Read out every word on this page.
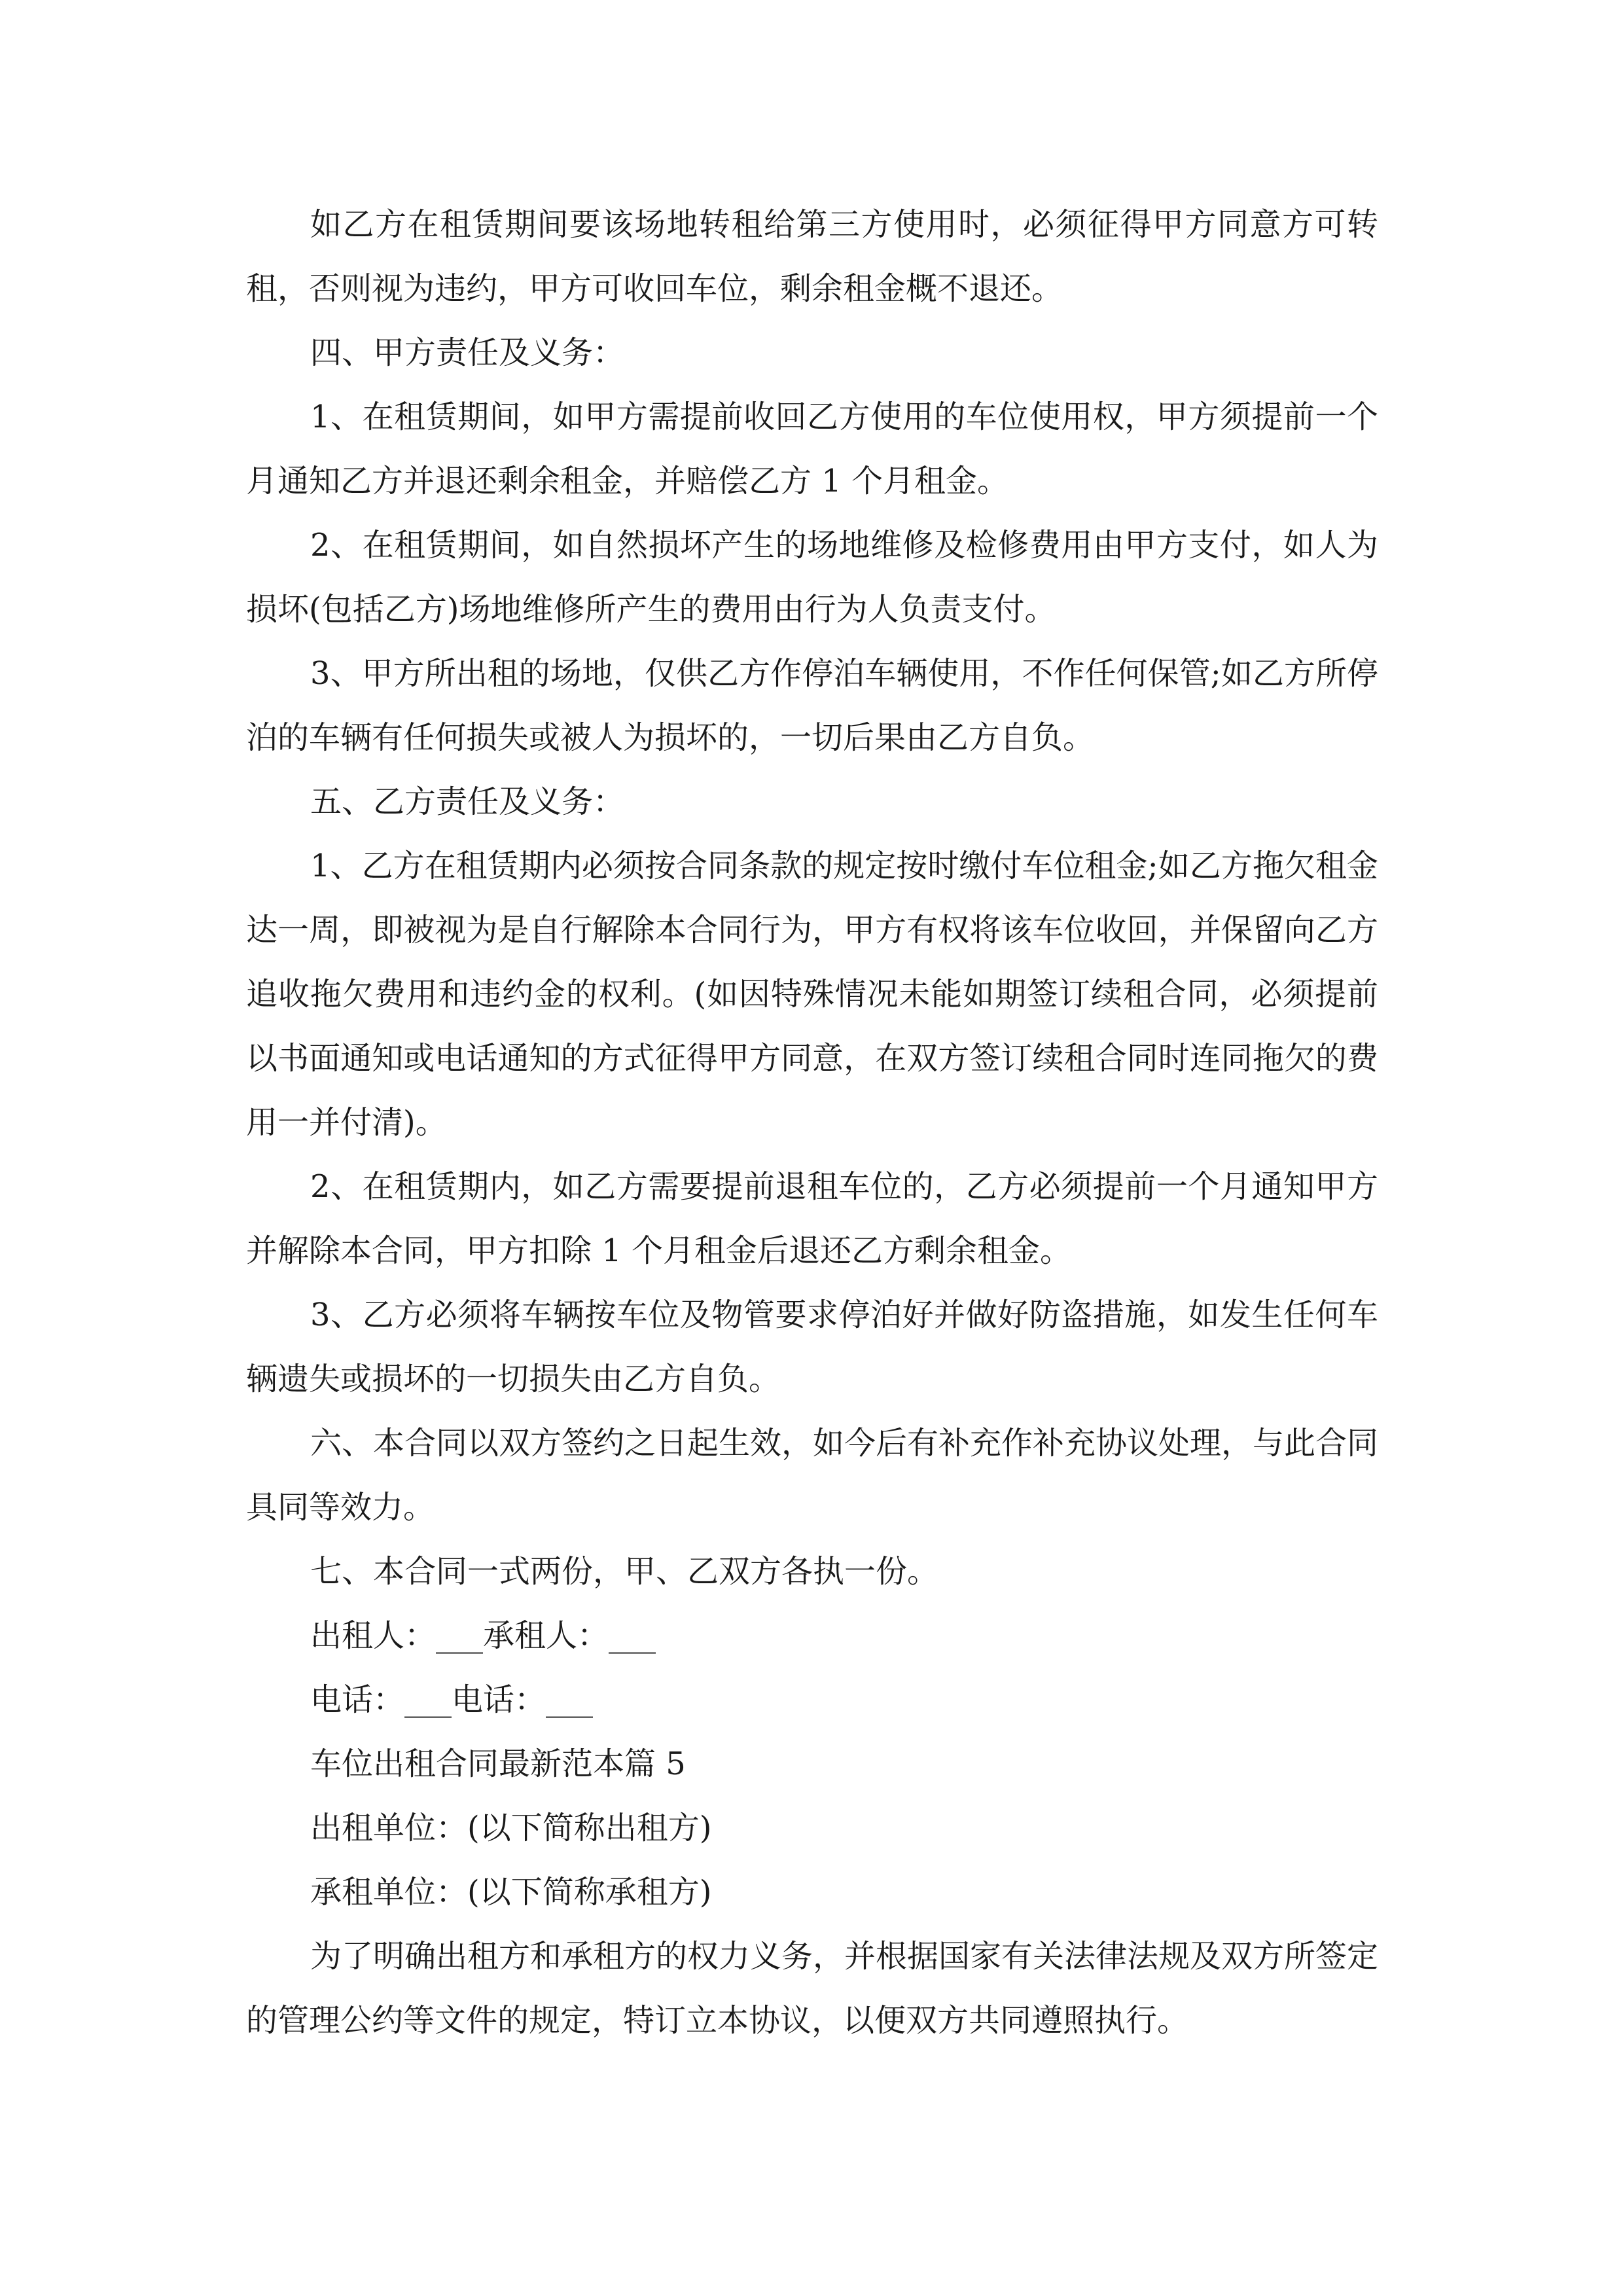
如乙方在租赁期间要该场地转租给第三方使用时，必须征得甲方同意方可转租，否则视为违约，甲方可收回车位，剩余租金概不退还。

四、甲方责任及义务：

1、在租赁期间，如甲方需提前收回乙方使用的车位使用权，甲方须提前一个月通知乙方并退还剩余租金，并赔偿乙方 1 个月租金。

2、在租赁期间，如自然损坏产生的场地维修及检修费用由甲方支付，如人为损坏(包括乙方)场地维修所产生的费用由行为人负责支付。

3、甲方所出租的场地，仅供乙方作停泊车辆使用，不作任何保管;如乙方所停泊的车辆有任何损失或被人为损坏的，一切后果由乙方自负。

五、乙方责任及义务：

1、乙方在租赁期内必须按合同条款的规定按时缴付车位租金;如乙方拖欠租金达一周，即被视为是自行解除本合同行为，甲方有权将该车位收回，并保留向乙方追收拖欠费用和违约金的权利。(如因特殊情况未能如期签订续租合同，必须提前以书面通知或电话通知的方式征得甲方同意，在双方签订续租合同时连同拖欠的费用一并付清)。

2、在租赁期内，如乙方需要提前退租车位的，乙方必须提前一个月通知甲方并解除本合同，甲方扣除 1 个月租金后退还乙方剩余租金。

3、乙方必须将车辆按车位及物管要求停泊好并做好防盗措施，如发生任何车辆遗失或损坏的一切损失由乙方自负。

六、本合同以双方签约之日起生效，如今后有补充作补充协议处理，与此合同具同等效力。

七、本合同一式两份，甲、乙双方各执一份。

出租人：___承租人：___

电话：___电话：___

车位出租合同最新范本篇 5

出租单位：(以下简称出租方)

承租单位：(以下简称承租方)

为了明确出租方和承租方的权力义务，并根据国家有关法律法规及双方所签定的管理公约等文件的规定，特订立本协议，以便双方共同遵照执行。
